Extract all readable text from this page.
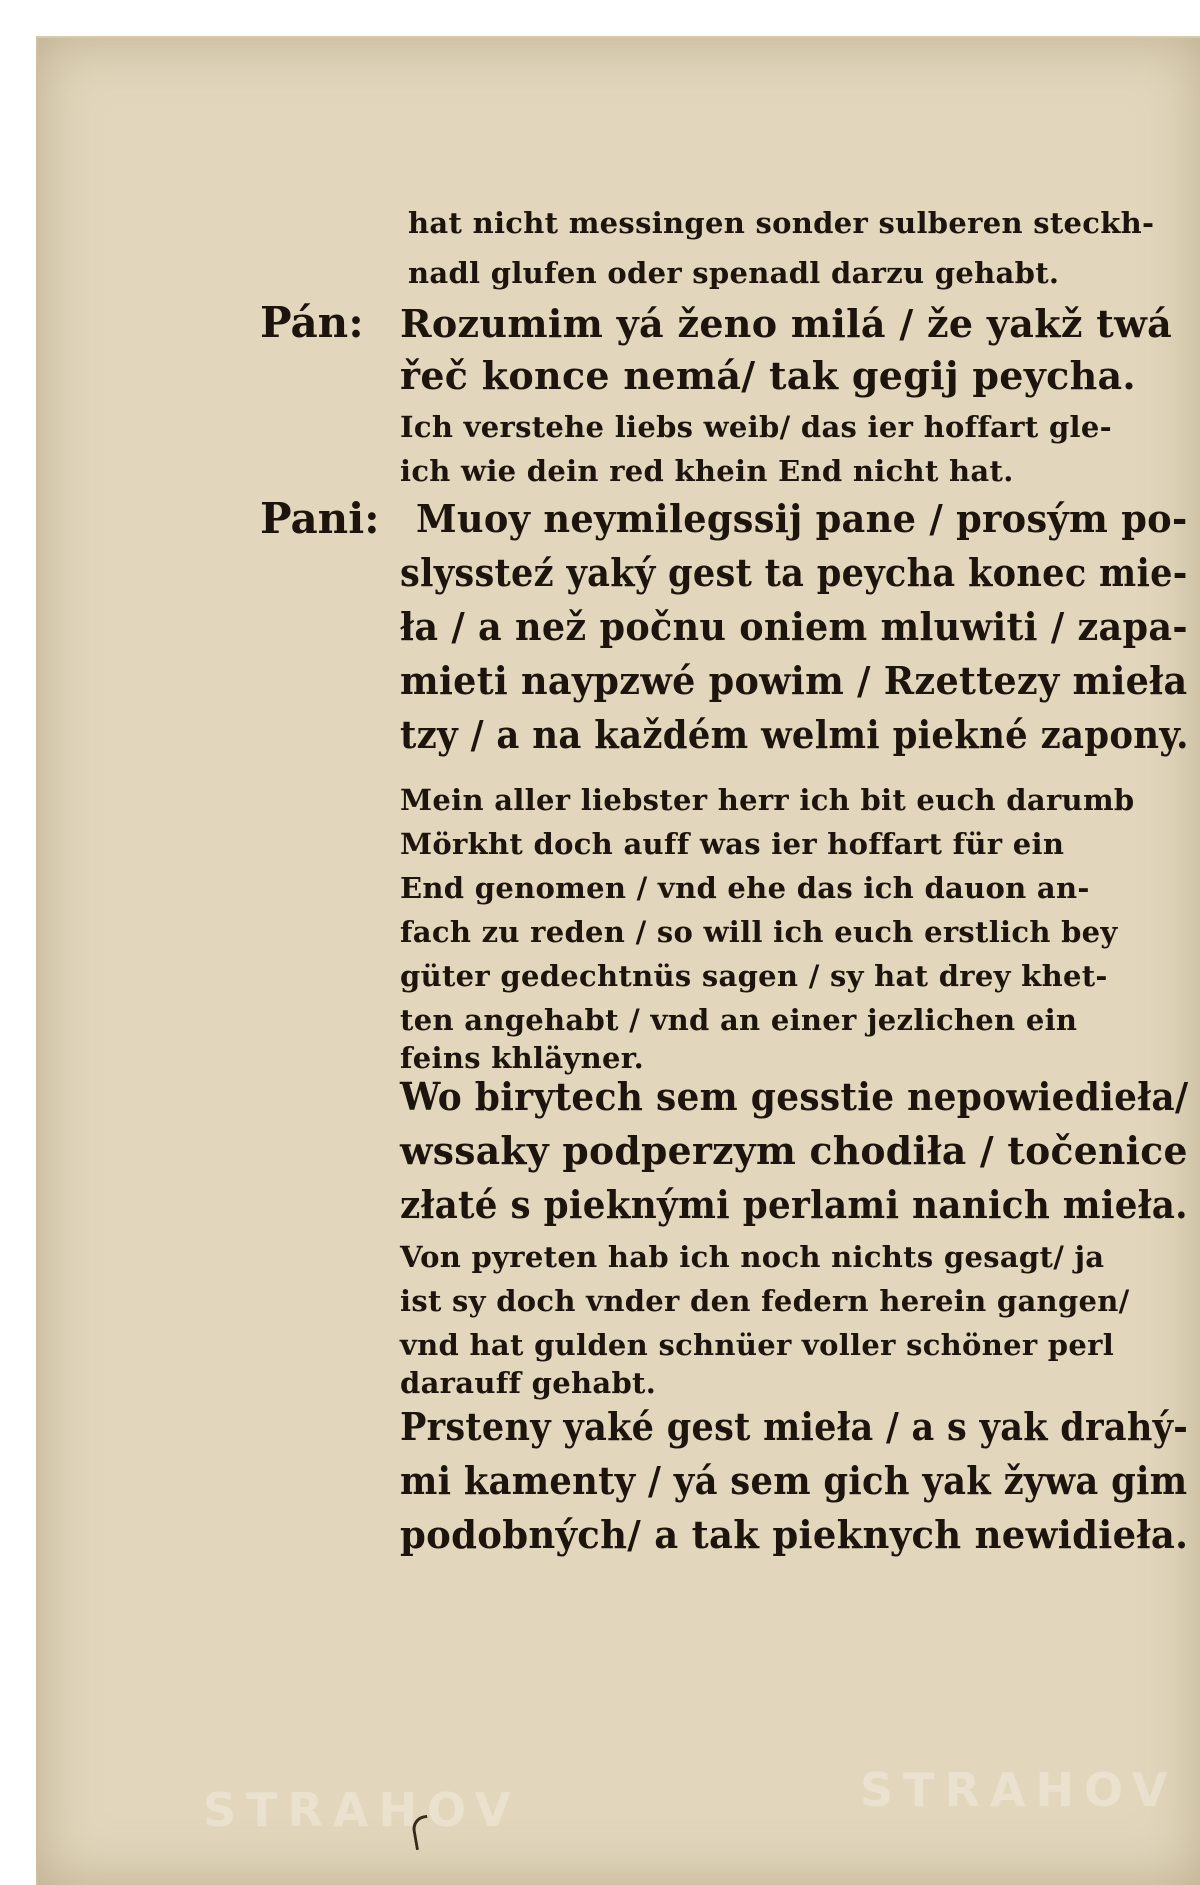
hat nicht messingen sonder sulberen steckh-
nadl glufen oder spenadl darzu gehabt.
Pán: Rozumim yá ženo milá / že yakž twá
řeč konce nemá/ tak gegij peycha.
Ich verstehe liebs weib/ das ier hoffart gle-
ich wie dein red khein End nicht hat.
Pani: Muoy neymilegssij pane / prosým po-
slyssteź yaký gest ta peycha konec mie-
ła / a než počnu oniem mluwiti / zapa-
mieti naypzwé powim / Rzettezy mieła
tzy / a na každém welmi piekné zapony.
Mein aller liebster herr ich bit euch darumb
Mörkht doch auff was ier hoffart für ein
End genomen / vnd ehe das ich dauon an-
fach zu reden / so will ich euch erstlich bey
güter gedechtnüs sagen / sy hat drey khet-
ten angehabt / vnd an einer jezlichen ein
feins khläyner.
Wo birytech sem gesstie nepowiedieła/
wssaky podperzym chodiła / točenice
złaté s pieknými perlami nanich mieła.
Von pyreten hab ich noch nichts gesagt/ ja
ist sy doch vnder den federn herein gangen/
vnd hat gulden schnüer voller schöner perl
darauff gehabt.
Prsteny yaké gest mieła / a s yak drahý-
mi kamenty / yá sem gich yak žywa gim
podobných/ a tak pieknych newidieła.
STRAHOV	STRAHOV
